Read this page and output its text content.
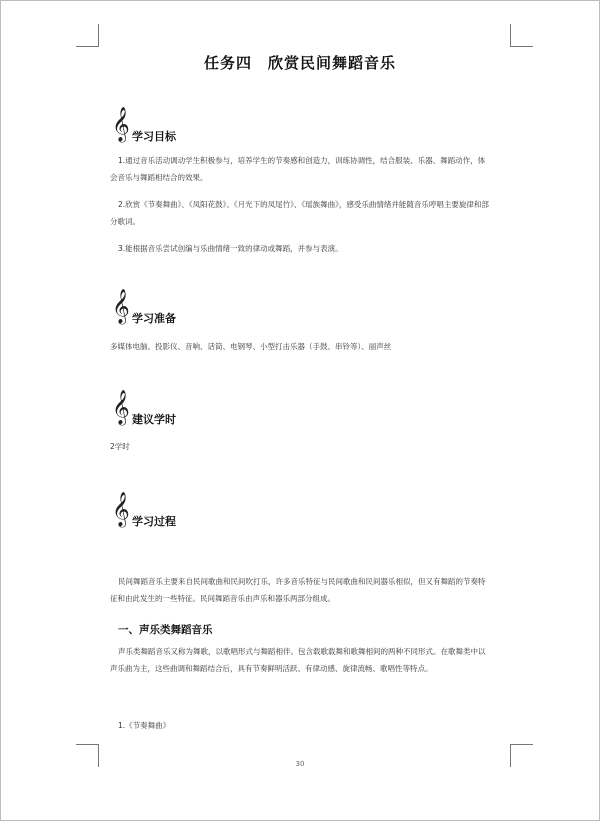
任务四　欣赏民间舞蹈音乐
𝄞 学习目标
1.通过音乐活动调动学生积极参与，培养学生的节奏感和创造力，训练协调性，结合服装、乐器、舞蹈动作，体会音乐与舞蹈相结合的效果。
2.欣赏《节奏舞曲》、《凤阳花鼓》、《月光下的凤尾竹》、《瑶族舞曲》，感受乐曲情绪并能随音乐哼唱主要旋律和部分歌词。
3.能根据音乐尝试创编与乐曲情绪一致的律动或舞蹈，并参与表演。
𝄞 学习准备
多媒体电脑、投影仪、音响、话筒、电钢琴、小型打击乐器（手鼓、串铃等）、丽声丝
𝄞 建议学时
2学时
𝄞 学习过程
民间舞蹈音乐主要来自民间歌曲和民间吹打乐，许多音乐特征与民间歌曲和民间器乐相似，但又有舞蹈的节奏特征和由此发生的一些特征。民间舞蹈音乐由声乐和器乐两部分组成。
一、声乐类舞蹈音乐
声乐类舞蹈音乐又称为舞歌，以歌唱形式与舞蹈相伴。包含载歌载舞和歌舞相间的两种不同形式。在歌舞类中以声乐曲为主，这些曲调和舞蹈结合后，具有节奏鲜明活跃、有律动感、旋律流畅、歌唱性等特点。
1.《节奏舞曲》
30
